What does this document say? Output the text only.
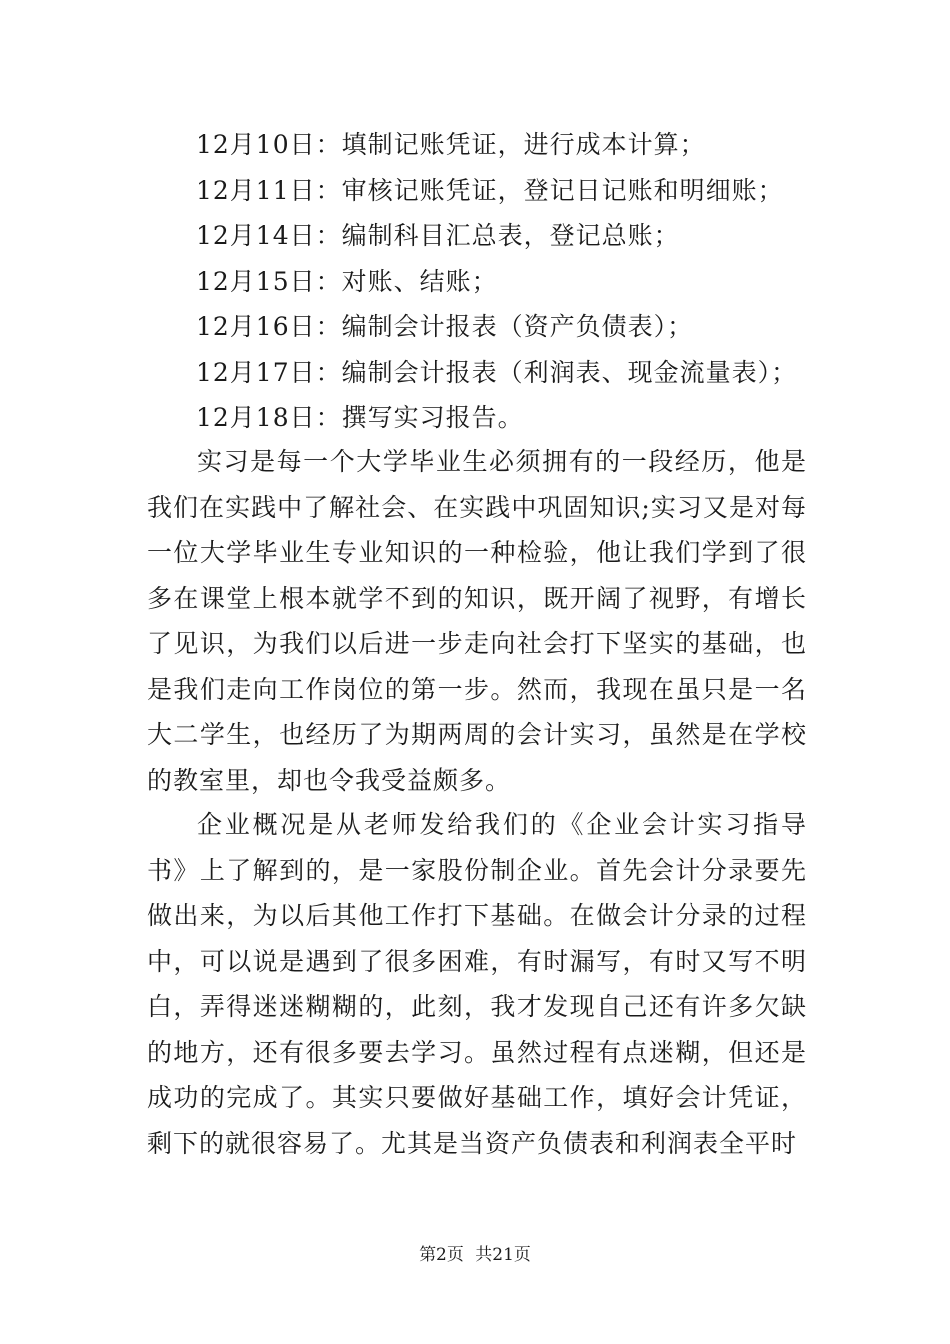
12月10日：填制记账凭证，进行成本计算；
12月11日：审核记账凭证，登记日记账和明细账；
12月14日：编制科目汇总表，登记总账；
12月15日：对账、结账；
12月16日：编制会计报表（资产负债表）；
12月17日：编制会计报表（利润表、现金流量表）；
12月18日：撰写实习报告。

实习是每一个大学毕业生必须拥有的一段经历，他是我们在实践中了解社会、在实践中巩固知识;实习又是对每一位大学毕业生专业知识的一种检验，他让我们学到了很多在课堂上根本就学不到的知识，既开阔了视野，有增长了见识，为我们以后进一步走向社会打下坚实的基础，也是我们走向工作岗位的第一步。然而，我现在虽只是一名大二学生，也经历了为期两周的会计实习，虽然是在学校的教室里，却也令我受益颇多。

企业概况是从老师发给我们的《企业会计实习指导书》上了解到的，是一家股份制企业。首先会计分录要先做出来，为以后其他工作打下基础。在做会计分录的过程中，可以说是遇到了很多困难，有时漏写，有时又写不明白，弄得迷迷糊糊的，此刻，我才发现自己还有许多欠缺的地方，还有很多要去学习。虽然过程有点迷糊，但还是成功的完成了。其实只要做好基础工作，填好会计凭证，剩下的就很容易了。尤其是当资产负债表和利润表全平时

第2页 共21页
